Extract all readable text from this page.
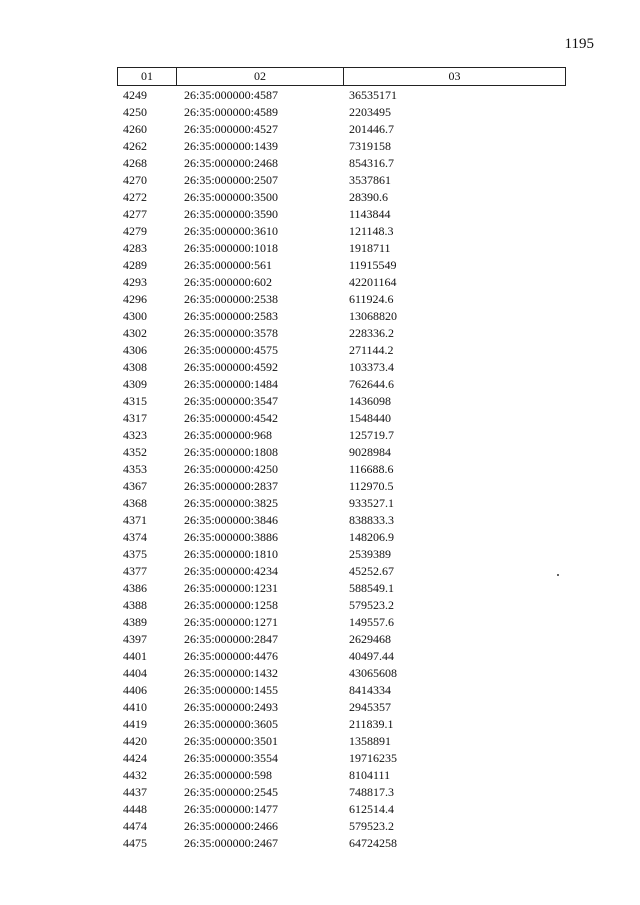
1195
01	02	03
4249	26:35:000000:4587	36535171
4250	26:35:000000:4589	2203495
4260	26:35:000000:4527	201446.7
4262	26:35:000000:1439	7319158
4268	26:35:000000:2468	854316.7
4270	26:35:000000:2507	3537861
4272	26:35:000000:3500	28390.6
4277	26:35:000000:3590	1143844
4279	26:35:000000:3610	121148.3
4283	26:35:000000:1018	1918711
4289	26:35:000000:561	11915549
4293	26:35:000000:602	42201164
4296	26:35:000000:2538	611924.6
4300	26:35:000000:2583	13068820
4302	26:35:000000:3578	228336.2
4306	26:35:000000:4575	271144.2
4308	26:35:000000:4592	103373.4
4309	26:35:000000:1484	762644.6
4315	26:35:000000:3547	1436098
4317	26:35:000000:4542	1548440
4323	26:35:000000:968	125719.7
4352	26:35:000000:1808	9028984
4353	26:35:000000:4250	116688.6
4367	26:35:000000:2837	112970.5
4368	26:35:000000:3825	933527.1
4371	26:35:000000:3846	838833.3
4374	26:35:000000:3886	148206.9
4375	26:35:000000:1810	2539389
4377	26:35:000000:4234	45252.67
4386	26:35:000000:1231	588549.1
4388	26:35:000000:1258	579523.2
4389	26:35:000000:1271	149557.6
4397	26:35:000000:2847	2629468
4401	26:35:000000:4476	40497.44
4404	26:35:000000:1432	43065608
4406	26:35:000000:1455	8414334
4410	26:35:000000:2493	2945357
4419	26:35:000000:3605	211839.1
4420	26:35:000000:3501	1358891
4424	26:35:000000:3554	19716235
4432	26:35:000000:598	8104111
4437	26:35:000000:2545	748817.3
4448	26:35:000000:1477	612514.4
4474	26:35:000000:2466	579523.2
4475	26:35:000000:2467	64724258
